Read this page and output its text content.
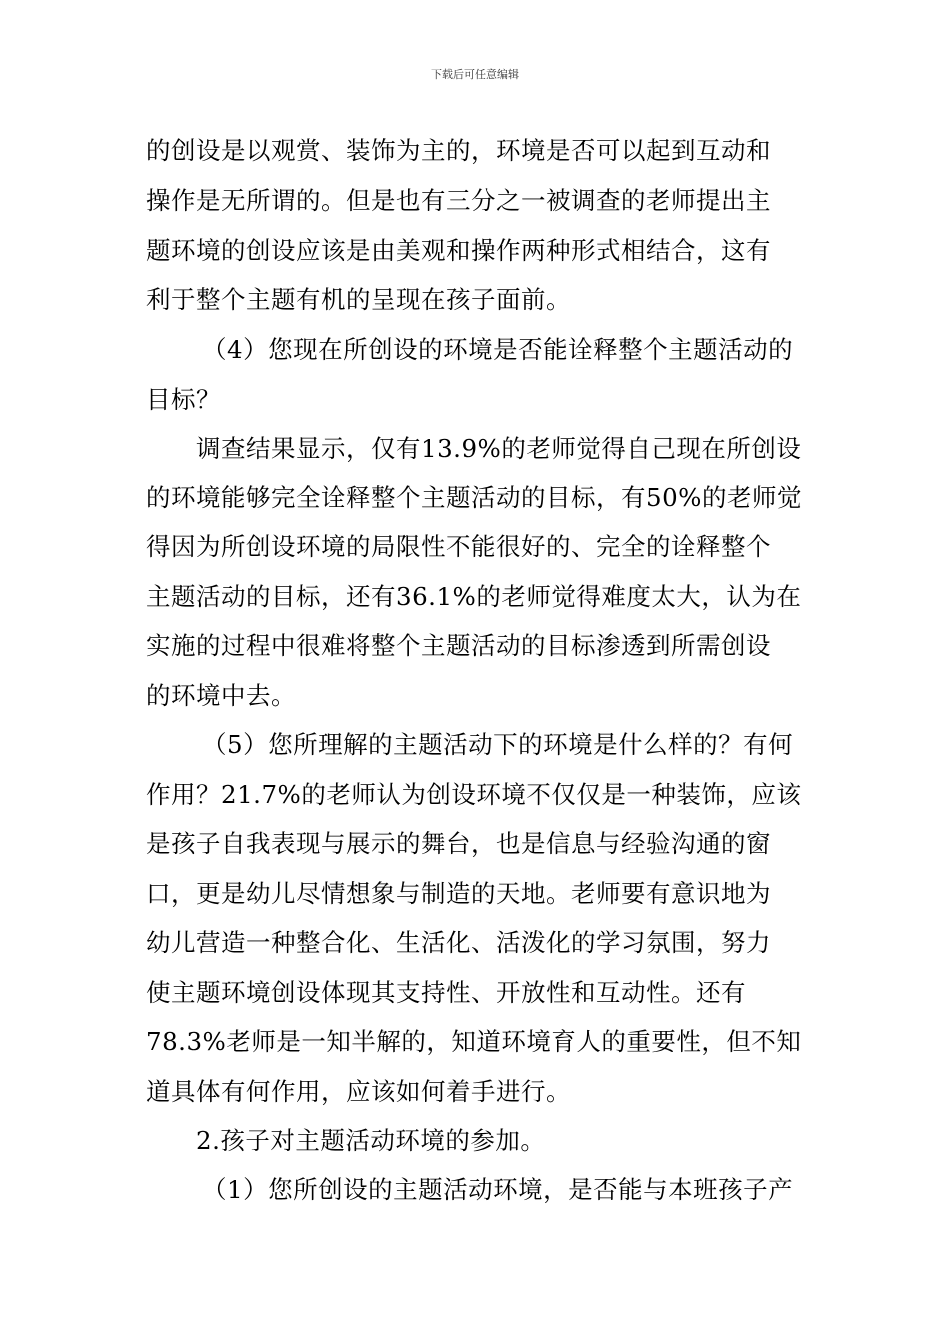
下载后可任意编辑
的创设是以观赏、装饰为主的，环境是否可以起到互动和
操作是无所谓的。但是也有三分之一被调查的老师提出主
题环境的创设应该是由美观和操作两种形式相结合，这有
利于整个主题有机的呈现在孩子面前。
（4）您现在所创设的环境是否能诠释整个主题活动的
目标？
调查结果显示，仅有13.9%的老师觉得自己现在所创设
的环境能够完全诠释整个主题活动的目标，有50%的老师觉
得因为所创设环境的局限性不能很好的、完全的诠释整个
主题活动的目标，还有36.1%的老师觉得难度太大，认为在
实施的过程中很难将整个主题活动的目标渗透到所需创设
的环境中去。
（5）您所理解的主题活动下的环境是什么样的？有何
作用？21.7%的老师认为创设环境不仅仅是一种装饰，应该
是孩子自我表现与展示的舞台，也是信息与经验沟通的窗
口，更是幼儿尽情想象与制造的天地。老师要有意识地为
幼儿营造一种整合化、生活化、活泼化的学习氛围，努力
使主题环境创设体现其支持性、开放性和互动性。还有
78.3%老师是一知半解的，知道环境育人的重要性，但不知
道具体有何作用，应该如何着手进行。
2.孩子对主题活动环境的参加。
（1）您所创设的主题活动环境，是否能与本班孩子产
